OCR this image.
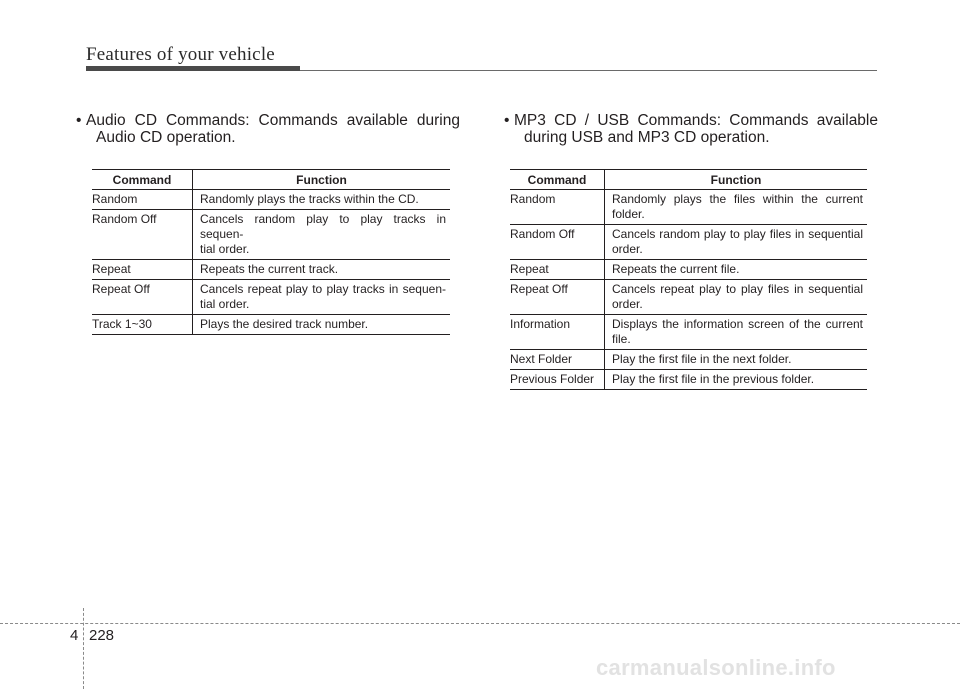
Features of your vehicle
• Audio CD Commands: Commands available during
Audio CD operation.
Command	Function
Random	Randomly plays the tracks within the CD.

Random Off	Cancels random play to play tracks in sequen-
tial order.

Repeat	Repeats the current track.

Repeat Off	Cancels repeat play to play tracks in sequen-
tial order.

Track 1~30	Plays the desired track number.
• MP3 CD / USB Commands: Commands available
during USB and MP3 CD operation.
Command	Function
Random	Randomly plays the files within the current
folder.

Random Off	Cancels random play to play files in sequential
order.

Repeat	Repeats the current file.

Repeat Off	Cancels repeat play to play files in sequential
order.

Information	Displays the information screen of the current
file.

Next Folder	Play the first file in the next folder.

Previous Folder	Play the first file in the previous folder.
4 228
carmanualsonline.info
